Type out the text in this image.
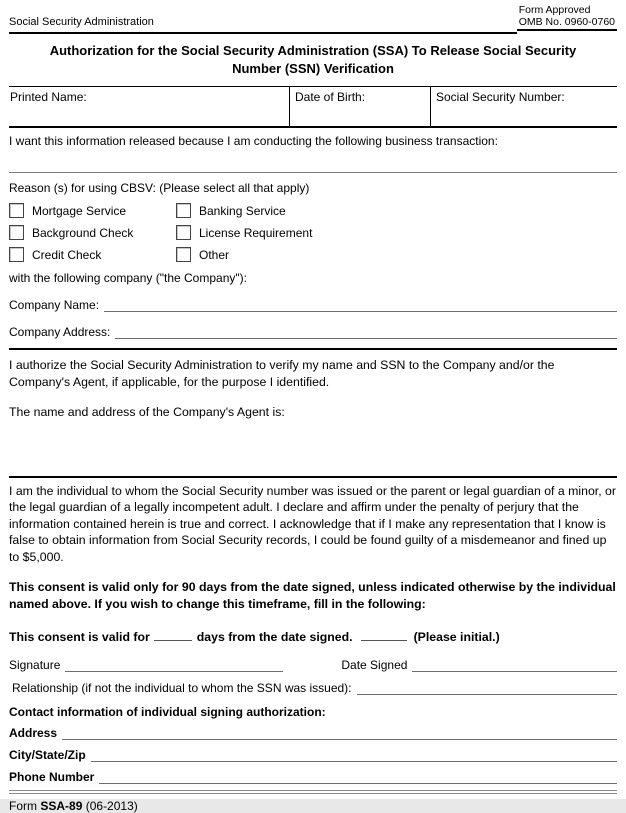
Social Security Administration
Form Approved
OMB No. 0960-0760
Authorization for the Social Security Administration (SSA) To Release Social Security Number (SSN) Verification
Printed Name:	Date of Birth:	Social Security Number:
I want this information released because I am conducting the following business transaction:
Reason (s) for using CBSV: (Please select all that apply)
Mortgage Service	Banking Service
Background Check	License Requirement
Credit Check	Other
with the following company ("the Company"):
Company Name:
Company Address:
I authorize the Social Security Administration to verify my name and SSN to the Company and/or the Company's Agent, if applicable, for the purpose I identified.
The name and address of the Company's Agent is:
I am the individual to whom the Social Security number was issued or the parent or legal guardian of a minor, or the legal guardian of a legally incompetent adult. I declare and affirm under the penalty of perjury that the information contained herein is true and correct. I acknowledge that if I make any representation that I know is false to obtain information from Social Security records, I could be found guilty of a misdemeanor and fined up to $5,000.
This consent is valid only for 90 days from the date signed, unless indicated otherwise by the individual named above. If you wish to change this timeframe, fill in the following:
This consent is valid for	days from the date signed.	(Please initial.)
Signature	Date Signed
Relationship (if not the individual to whom the SSN was issued):
Contact information of individual signing authorization:
Address
City/State/Zip
Phone Number
Form SSA-89 (06-2013)
